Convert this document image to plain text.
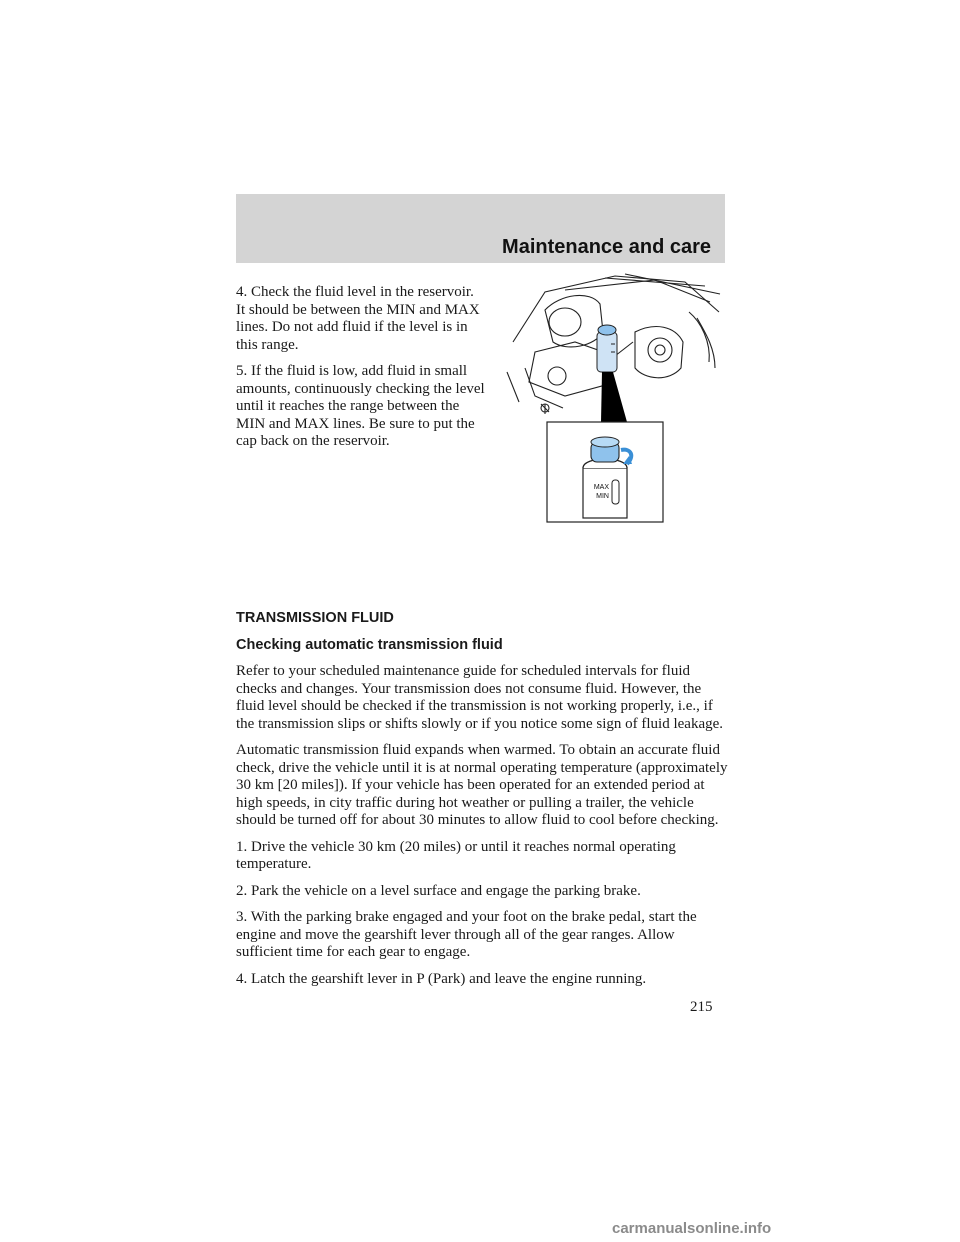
Maintenance and care

4. Check the fluid level in the reservoir. It should be between the MIN and MAX lines. Do not add fluid if the level is in this range.

5. If the fluid is low, add fluid in small amounts, continuously checking the level until it reaches the range between the MIN and MAX lines. Be sure to put the cap back on the reservoir.

MAX
MIN

TRANSMISSION FLUID

Checking automatic transmission fluid

Refer to your scheduled maintenance guide for scheduled intervals for fluid checks and changes. Your transmission does not consume fluid. However, the fluid level should be checked if the transmission is not working properly, i.e., if the transmission slips or shifts slowly or if you notice some sign of fluid leakage.

Automatic transmission fluid expands when warmed. To obtain an accurate fluid check, drive the vehicle until it is at normal operating temperature (approximately 30 km [20 miles]). If your vehicle has been operated for an extended period at high speeds, in city traffic during hot weather or pulling a trailer, the vehicle should be turned off for about 30 minutes to allow fluid to cool before checking.

1. Drive the vehicle 30 km (20 miles) or until it reaches normal operating temperature.

2. Park the vehicle on a level surface and engage the parking brake.

3. With the parking brake engaged and your foot on the brake pedal, start the engine and move the gearshift lever through all of the gear ranges. Allow sufficient time for each gear to engage.

4. Latch the gearshift lever in P (Park) and leave the engine running.

215
carmanualsonline.info
